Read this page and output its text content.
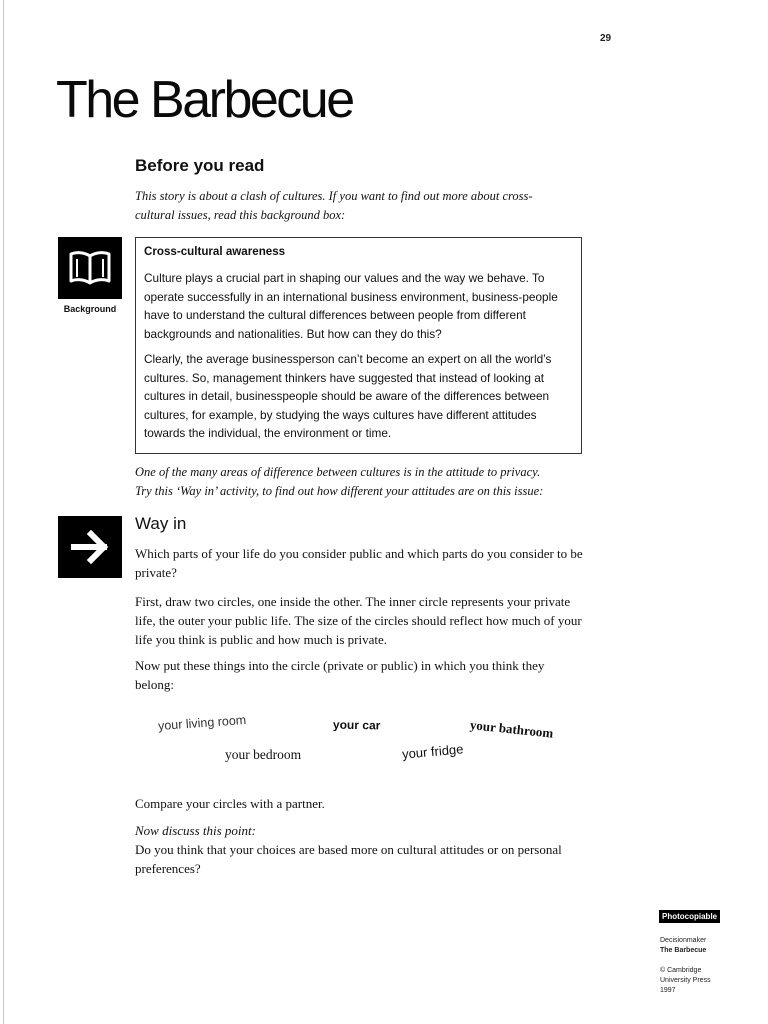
29
The Barbecue
Before you read
This story is about a clash of cultures. If you want to find out more about cross-
cultural issues, read this background box:
Background
Cross-cultural awareness

Culture plays a crucial part in shaping our values and the way we behave. To operate successfully in an international business environment, business-people have to understand the cultural differences between people from different backgrounds and nationalities. But how can they do this?

Clearly, the average businessperson can’t become an expert on all the world’s cultures. So, management thinkers have suggested that instead of looking at cultures in detail, businesspeople should be aware of the differences between cultures, for example, by studying the ways cultures have different attitudes towards the individual, the environment or time.

One of the many areas of difference between cultures is in the attitude to privacy.
Try this ‘Way in’ activity, to find out how different your attitudes are on this issue:
Way in
Which parts of your life do you consider public and which parts do you consider to be private?
First, draw two circles, one inside the other. The inner circle represents your private life, the outer your public life. The size of the circles should reflect how much of your life you think is public and how much is private.
Now put these things into the circle (private or public) in which you think they belong:
your living room	your car	your bathroom
your bedroom	your fridge
Compare your circles with a partner.
Now discuss this point:
Do you think that your choices are based more on cultural attitudes or on personal preferences?
Photocopiable
Decisionmaker
The Barbecue
© Cambridge
University Press
1997
